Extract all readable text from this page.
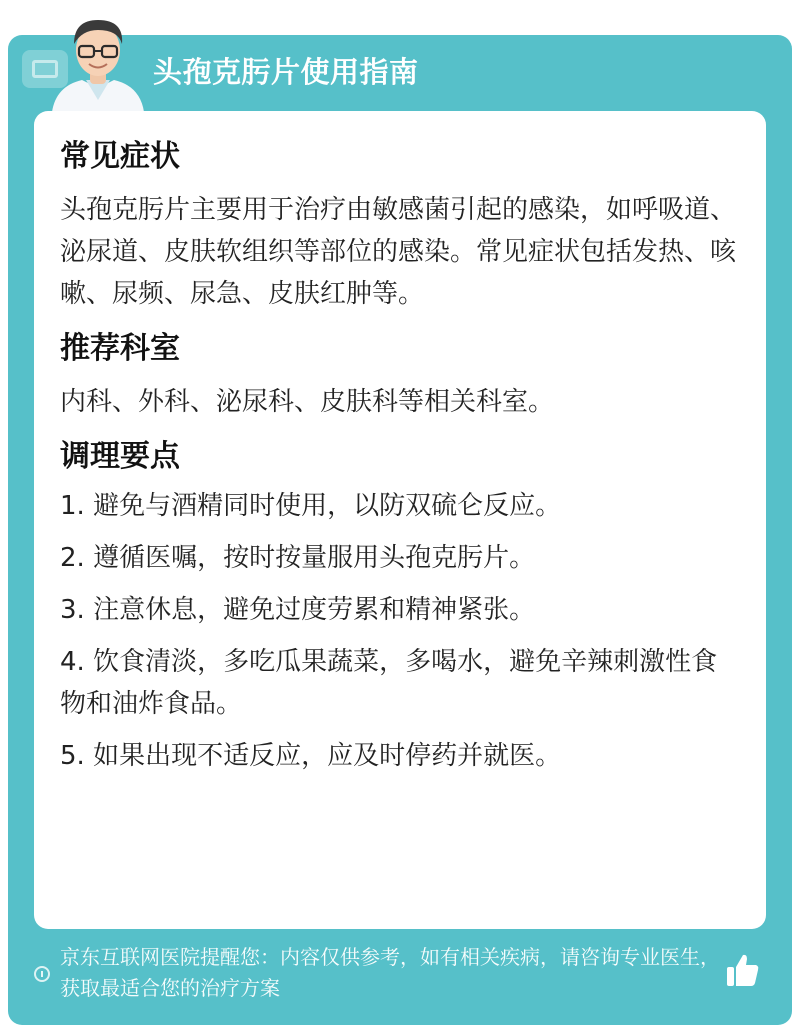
头孢克肟片使用指南
常见症状

头孢克肟片主要用于治疗由敏感菌引起的感染，如呼吸道、泌尿道、皮肤软组织等部位的感染。常见症状包括发热、咳嗽、尿频、尿急、皮肤红肿等。

推荐科室

内科、外科、泌尿科、皮肤科等相关科室。

调理要点
1. 避免与酒精同时使用，以防双硫仑反应。
2. 遵循医嘱，按时按量服用头孢克肟片。
3. 注意休息，避免过度劳累和精神紧张。
4. 饮食清淡，多吃瓜果蔬菜，多喝水，避免辛辣刺激性食物和油炸食品。
5. 如果出现不适反应，应及时停药并就医。
京东互联网医院提醒您：内容仅供参考，如有相关疾病，请咨询专业医生，获取最适合您的治疗方案
